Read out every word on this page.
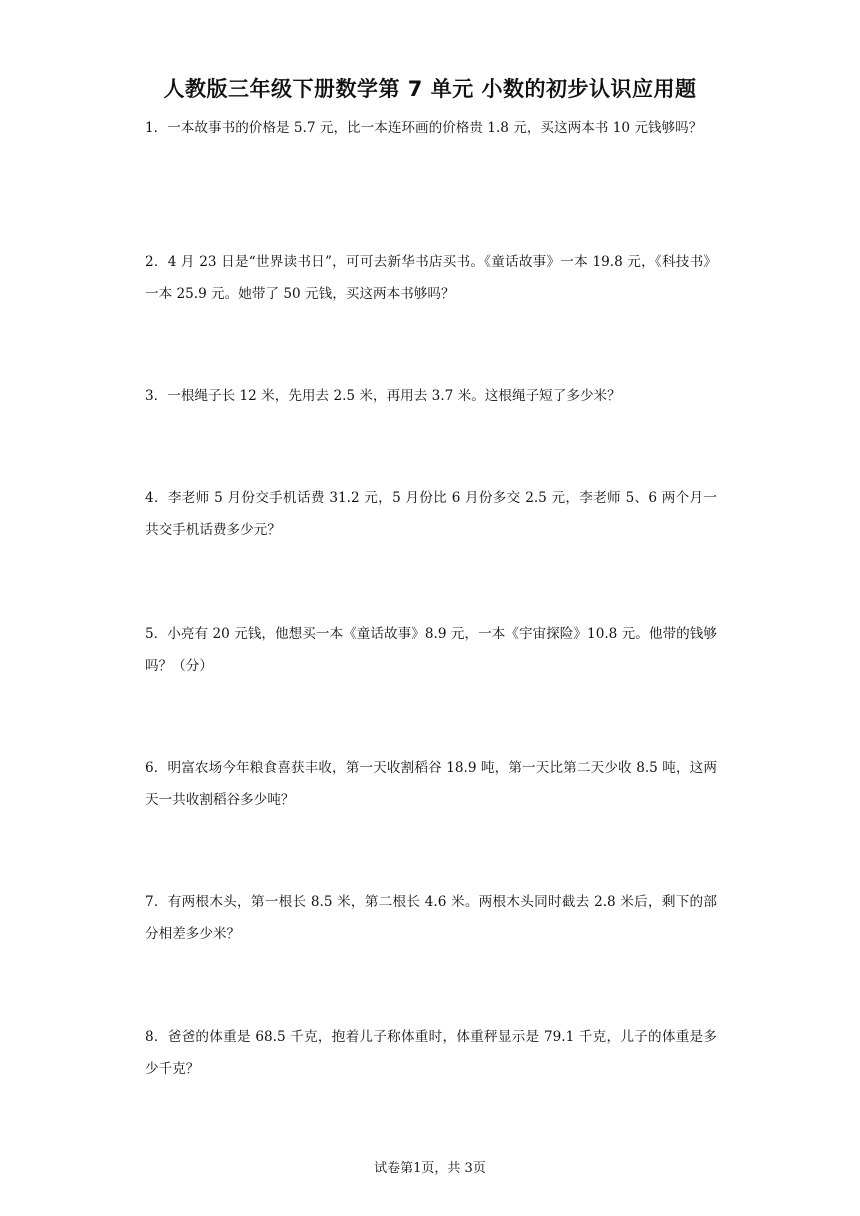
人教版三年级下册数学第 7 单元 小数的初步认识应用题
1．一本故事书的价格是 5.7 元，比一本连环画的价格贵 1.8 元，买这两本书 10 元钱够吗？
2．4 月 23 日是“世界读书日”，可可去新华书店买书。《童话故事》一本 19.8 元，《科技书》一本 25.9 元。她带了 50 元钱，买这两本书够吗？
3．一根绳子长 12 米，先用去 2.5 米，再用去 3.7 米。这根绳子短了多少米？
4．李老师 5 月份交手机话费 31.2 元，5 月份比 6 月份多交 2.5 元，李老师 5、6 两个月一共交手机话费多少元？
5．小亮有 20 元钱，他想买一本《童话故事》8.9 元，一本《宇宙探险》10.8 元。他带的钱够吗？（分）
6．明富农场今年粮食喜获丰收，第一天收割稻谷 18.9 吨，第一天比第二天少收 8.5 吨，这两天一共收割稻谷多少吨？
7．有两根木头，第一根长 8.5 米，第二根长 4.6 米。两根木头同时截去 2.8 米后，剩下的部分相差多少米？
8．爸爸的体重是 68.5 千克，抱着儿子称体重时，体重秤显示是 79.1 千克，儿子的体重是多少千克？
试卷第1页，共 3页
